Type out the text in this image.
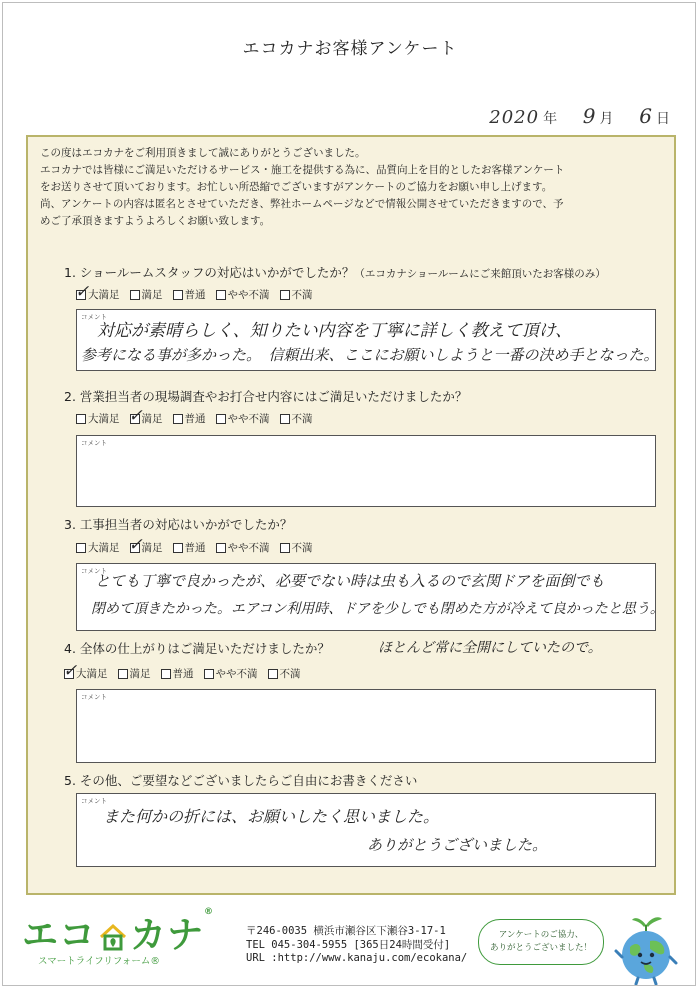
エコカナお客様アンケート
2020 年 9 月 6 日
この度はエコカナをご利用頂きまして誠にありがとうございました。
エコカナでは皆様にご満足いただけるサービス・施工を提供する為に、品質向上を目的としたお客様アンケート
をお送りさせて頂いております。お忙しい所恐縮でございますがアンケートのご協力をお願い申し上げます。
尚、アンケートの内容は匿名とさせていただき、弊社ホームページなどで情報公開させていただきますので、予
めご了承頂きますようよろしくお願い致します。
1. ショールームスタッフの対応はいかがでしたか？（エコカナショールームにご来館頂いたお客様のみ）
✓
大満足 満足 普通 やや不満 不満
コメント
対応が素晴らしく、知りたい内容を丁寧に詳しく教えて頂け、
参考になる事が多かった。　信頼出来、ここにお願いしようと一番の決め手となった。
2. 営業担当者の現場調査やお打合せ内容にはご満足いただけましたか？
大満足 ✓
満足 普通 やや不満 不満
コメント
3. 工事担当者の対応はいかがでしたか？
大満足 ✓
満足 普通 やや不満 不満
コメント
とても丁寧で良かったが、必要でない時は虫も入るので玄関ドアを面倒でも
閉めて頂きたかった。エアコン利用時、ドアを少しでも閉めた方が冷えて良かったと思う。
ほとんど常に全開にしていたので。
4. 全体の仕上がりはご満足いただけましたか？
✓
大満足 満足 普通 やや不満 不満
コメント
5. その他、ご要望などございましたらご自由にお書きください
コメント
また何かの折には、お願いしたく思いました。
ありがとうございました。
エコ カナ®
スマートライフリフォーム®
〒246-0035 横浜市瀬谷区下瀬谷3-17-1
TEL 045-304-5955 [365日24時間受付]
URL :http://www.kanaju.com/ecokana/
アンケートのご協力、
ありがとうございました！
